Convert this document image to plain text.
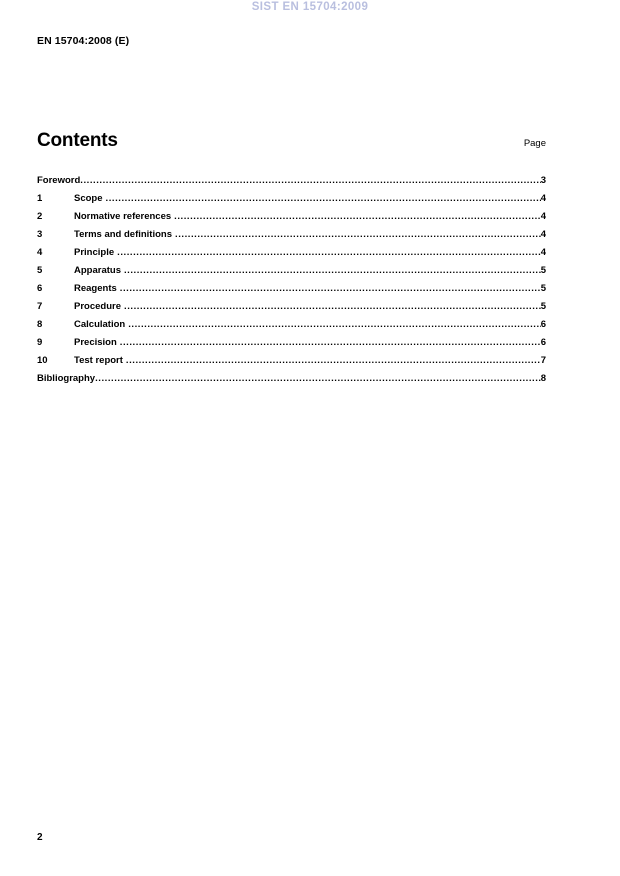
SIST EN 15704:2009
EN 15704:2008 (E)
Contents	Page
Foreword .....	3
1	Scope .....	4
2	Normative references .....	4
3	Terms and definitions .....	4
4	Principle .....	4
5	Apparatus .....	5
6	Reagents .....	5
7	Procedure .....	5
8	Calculation .....	6
9	Precision .....	6
10	Test report .....	7
Bibliography .....	8
2
